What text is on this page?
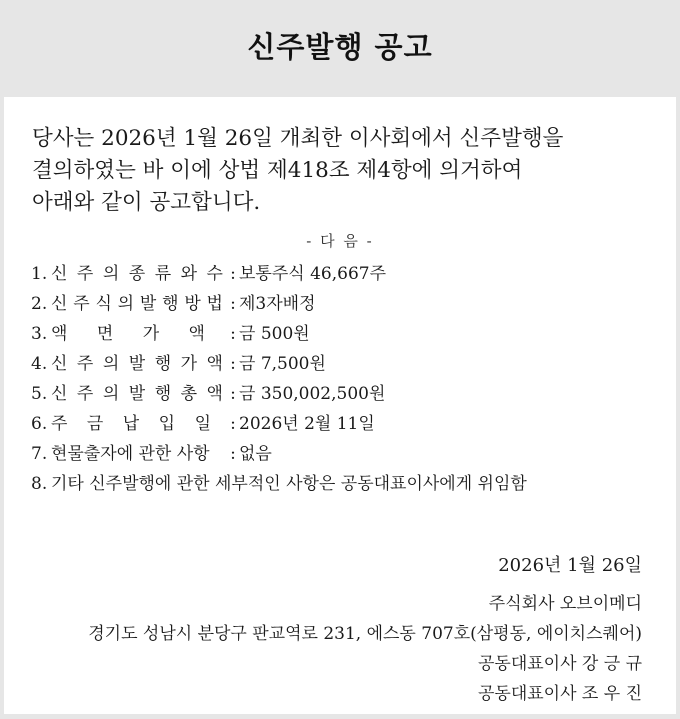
신주발행 공고

당사는 2026년 1월 26일 개최한 이사회에서 신주발행을
결의하였는 바 이에 상법 제418조 제4항에 의거하여
아래와 같이 공고합니다.

- 다 음 -
1. 신 주 의 종 류 와 수 : 보통주식 46,667주
2. 신 주 식 의 발 행 방 법 : 제3자배정
3. 액 면 가 액 : 금 500원
4. 신 주 의 발 행 가 액 : 금 7,500원
5. 신 주 의 발 행 총 액 : 금 350,002,500원
6. 주 금 납 입 일 : 2026년 2월 11일
7. 현물출자에 관한 사항	: 없음
8. 기타 신주발행에 관한 세부적인 사항은 공동대표이사에게 위임함
2026년 1월 26일
주식회사 오브이메디
경기도 성남시 분당구 판교역로 231, 에스동 707호(삼평동, 에이치스퀘어)
공동대표이사 강 긍 규
공동대표이사 조 우 진
